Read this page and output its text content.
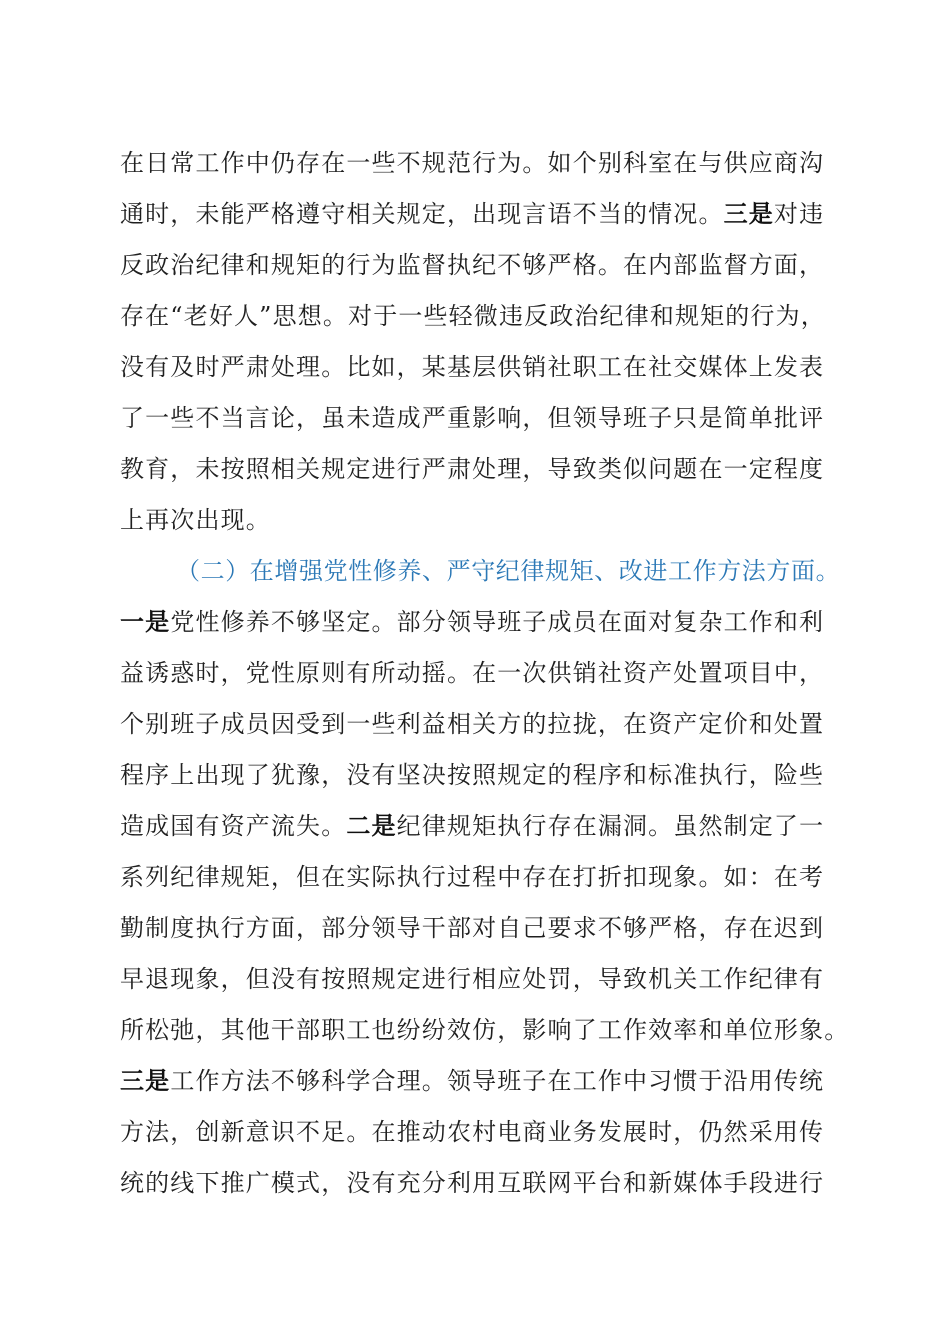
在日常工作中仍存在一些不规范行为。如个别科室在与供应商沟

通时，未能严格遵守相关规定，出现言语不当的情况。三是对违

反政治纪律和规矩的行为监督执纪不够严格。在内部监督方面，

存在“老好人”思想。对于一些轻微违反政治纪律和规矩的行为，

没有及时严肃处理。比如，某基层供销社职工在社交媒体上发表

了一些不当言论，虽未造成严重影响，但领导班子只是简单批评

教育，未按照相关规定进行严肃处理，导致类似问题在一定程度

上再次出现。

（二）在增强党性修养、严守纪律规矩、改进工作方法方面。

一是党性修养不够坚定。部分领导班子成员在面对复杂工作和利

益诱惑时，党性原则有所动摇。在一次供销社资产处置项目中，

个别班子成员因受到一些利益相关方的拉拢，在资产定价和处置

程序上出现了犹豫，没有坚决按照规定的程序和标准执行，险些

造成国有资产流失。二是纪律规矩执行存在漏洞。虽然制定了一

系列纪律规矩，但在实际执行过程中存在打折扣现象。如：在考

勤制度执行方面，部分领导干部对自己要求不够严格，存在迟到

早退现象，但没有按照规定进行相应处罚，导致机关工作纪律有

所松弛，其他干部职工也纷纷效仿，影响了工作效率和单位形象。

三是工作方法不够科学合理。领导班子在工作中习惯于沿用传统

方法，创新意识不足。在推动农村电商业务发展时，仍然采用传

统的线下推广模式，没有充分利用互联网平台和新媒体手段进行
